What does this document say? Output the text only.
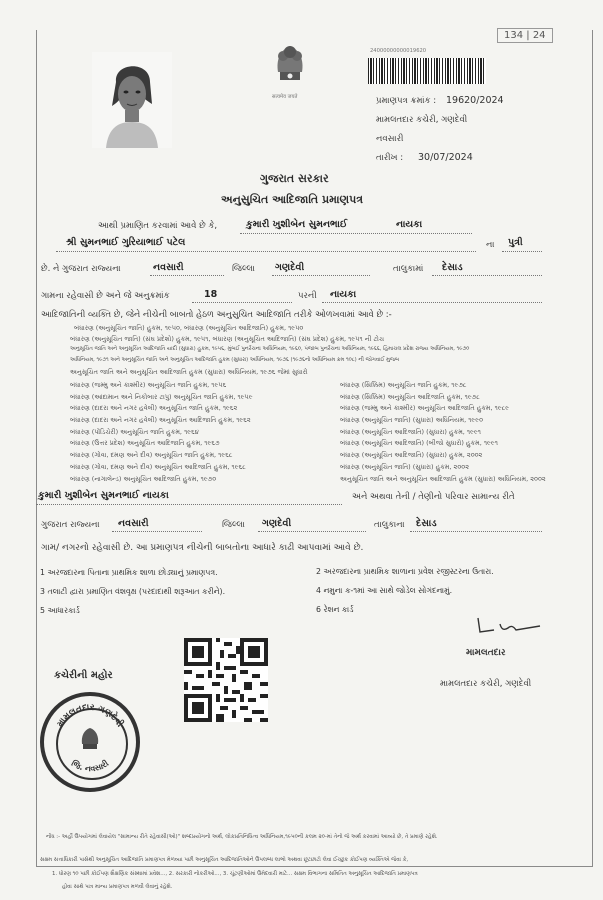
134 | 24
सत्यमेव जयते
24000000000019620
પ્રમાણપત્ર ક્રમાંક : 19620/2024
મામલતદાર કચેરી, ગણદેવી
નવસારી
તારીખ : 30/07/2024
ગુજરાત સરકાર
અનુસુચિત આદિજાતિ પ્રમાણપત્ર
આથી પ્રમાણિત કરવામાં આવે છે કે,	કુમારી ખુશીબેન સુમનભાઈ	નાયકા
શ્રી સુમનભાઈ ગુરિયાભાઈ પટેલ	ના પુત્રી
છે. ને ગુજરાત રાજ્યના	નવસારી	જિલ્લા ગણદેવી	તાલુકામાં દેસાડ
ગામના રહેવાસી છે અને જે અનુક્રમાંક	18	પરની નાયકા
આદિજાતિની વ્યક્તિ છે, જેને નીચેની બાબતો હેઠળ અનુસુચિત આદિજાતિ તરીકે ઓળખવામાં આવે છે :-
બંધારણ (અનુસૂચિત જાતિ) હુકમ, ૧૯૫૦, બંધારણ (અનુસૂચિત આદિજાતિ) હુકમ, ૧૯૫૦
બંધારણ (અનુસૂચિત જાતિ) (સંઘ પ્રદેશો) હુકમ, ૧૯૫૧, બંધારણ (અનુસૂચિત આદિજાતિ) (સંઘ પ્રદેશ) હુકમ, ૧૯૫૧ ની ટોચ
અનુસૂચિત જાતિ અને અનુસૂચિત આદિજાતિ યાદી (સુધારા) હુકમ, ૧૯૫૬, મુંબઈ પુનર્રચના અધિનિયમ, ૧૯૬૦, પંજાબ પુનર્રચના અધિનિયમ, ૧૯૬૬, હિમાચલ પ્રદેશ રાજ્ય અધિનિયમ, ૧૯૭૦
અધિનિયમ, ૧૯૭૧ અને અનુસૂચિત જાતિ અને અનુસૂચિત આદિજાતિ હુકમ (સુધારા) અધિનિયમ, ૧૯૭૬ (૧૯૭૬નો અધિનિયમ ક્રમ ૧૦૮) ની જોગવાઈ મુજબ
અનુસૂચિત જાતિ અને અનુસૂચિત આદિજાતિ હુકમ (સુધારા) અધિનિયમ, ૧૯૭૬ જેમાં સુધારો
બંધારણ (જમ્મુ અને કાશ્મીર) અનુસૂચિત જાતિ હુકમ, ૧૯૫૬
બંધારણ (આંદામાન અને નિકોબાર ટાપુ) અનુસૂચિત જાતિ હુકમ, ૧૯૫૯
બંધારણ (દાદરા અને નગર હવેલી) અનુસૂચિત જાતિ હુકમ, ૧૯૬૨
બંધારણ (દાદરા અને નગર હવેલી) અનુસૂચિત આદિજાતિ હુકમ, ૧૯૬૨
બંધારણ (પોંડિચેરી) અનુસૂચિત જાતિ હુકમ, ૧૯૬૪
બંધારણ (ઉત્તર પ્રદેશ) અનુસૂચિત આદિજાતિ હુકમ, ૧૯૬૭
બંધારણ (ગોવા, દમણ અને દીવ) અનુસૂચિત જાતિ હુકમ, ૧૯૬૮
બંધારણ (ગોવા, દમણ અને દીવ) અનુસૂચિત આદિજાતિ હુકમ, ૧૯૬૮
બંધારણ (નાગાલેન્ડ) અનુસૂચિત આદિજાતિ હુકમ, ૧૯૭૦
બંધારણ (સિક્કિમ) અનુસૂચિત જાતિ હુકમ, ૧૯૭૮
બંધારણ (સિક્કિમ) અનુસૂચિત આદિજાતિ હુકમ, ૧૯૭૮
બંધારણ (જમ્મુ અને કાશ્મીર) અનુસૂચિત આદિજાતિ હુકમ, ૧૯૮૯
બંધારણ (અનુસૂચિત જાતિ) (સુધારા) અધિનિયમ, ૧૯૯૦
બંધારણ (અનુસૂચિત આદિજાતિ) (સુધારા) હુકમ, ૧૯૯૧
બંધારણ (અનુસૂચિત આદિજાતિ) (બીજો સુધારો) હુકમ, ૧૯૯૧
બંધારણ (અનુસૂચિત આદિજાતિ) (સુધારા) હુકમ, ૨૦૦૨
બંધારણ (અનુસૂચિત જાતિ) (સુધારા) હુકમ, ૨૦૦૨
અનુસૂચિત જાતિ અને અનુસૂચિત આદિજાતિ હુકમ (સુધારા) અધિનિયમ, ૨૦૦૨
કુમારી ખુશીબેન સુમનભાઈ નાયકા	અને અથવા તેની / તેણીનો પરિવાર સામાન્ય રીતે
ગુજરાત રાજ્યના નવસારી	જિલ્લા ગણદેવી	તાલુકાના દેસાડ
ગામ/ નગરનો રહેવાસી છે. આ પ્રમાણપત્ર નીચેની બાબતોના આધારે કાઢી આપવામાં આવે છે.
1 અરજદારના પિતાના પ્રાથમિક શાળા છોડ્યાનું પ્રમાણપત્ર.	2 અરજદારના પ્રાથમિક શાળાના પ્રવેશ રજીસ્ટરના ઉતારા.
3 તલાટી દ્વારા પ્રમાણિત વંશવૃક્ષ (પરદાદાથી શરૂઆત કરીને).	4 નમુના ક-૧માં આ સાથે જોડેલ સોગંદનામું.
5 આધારકાર્ડ	6 રેશન કાર્ડ
મામલતદાર
મામલતદાર કચેરી, ગણદેવી
કચેરીની મહોર
મામલતદાર ગણદેવી
જિ. નવસારી
નોંધ :- અહીં ઉપયોગમાં લેવાયેલ "સામાન્ય રીતે રહેવાસી(ઓ)" શબ્દપ્રયોગનો અર્થ, લોકપ્રતિનિધિત્વ અધિનિયમ,૧૯૫૦ની કલમ ૨૦-માં તેનો જે અર્થ કરવામાં આવ્યો છે, તે પ્રમાણે રહેશે.
સક્ષમ સત્તાધિકારી પાસેથી અનુસૂચિત આદિજાતિ પ્રમાણપત્ર મેળવ્યા પછી અનુસૂચિત આદિજાતિઓને ઉપલબ્ધ લાભો અથવા છૂટછાટો લેવા ઈચ્છુક કોઈપણ વ્યક્તિએ જેવા કે,
1. ધોરણ ૧૦ પછી કોઈપણ શૈક્ષણિક સંસ્થામાં પ્રવેશ..., 2. સરકારી નોકરીઓ..., 3. ચૂંટણીઓમાં ઉમેદવારી માટે... સક્ષમ વિભાગના સમિતિત અનુસૂચિત આદિજાતિ પ્રમાણપત્ર
હોવા સાથે પાત્ર માન્ય પ્રમાણપત્ર મળવી લેવાનું રહેશે.
